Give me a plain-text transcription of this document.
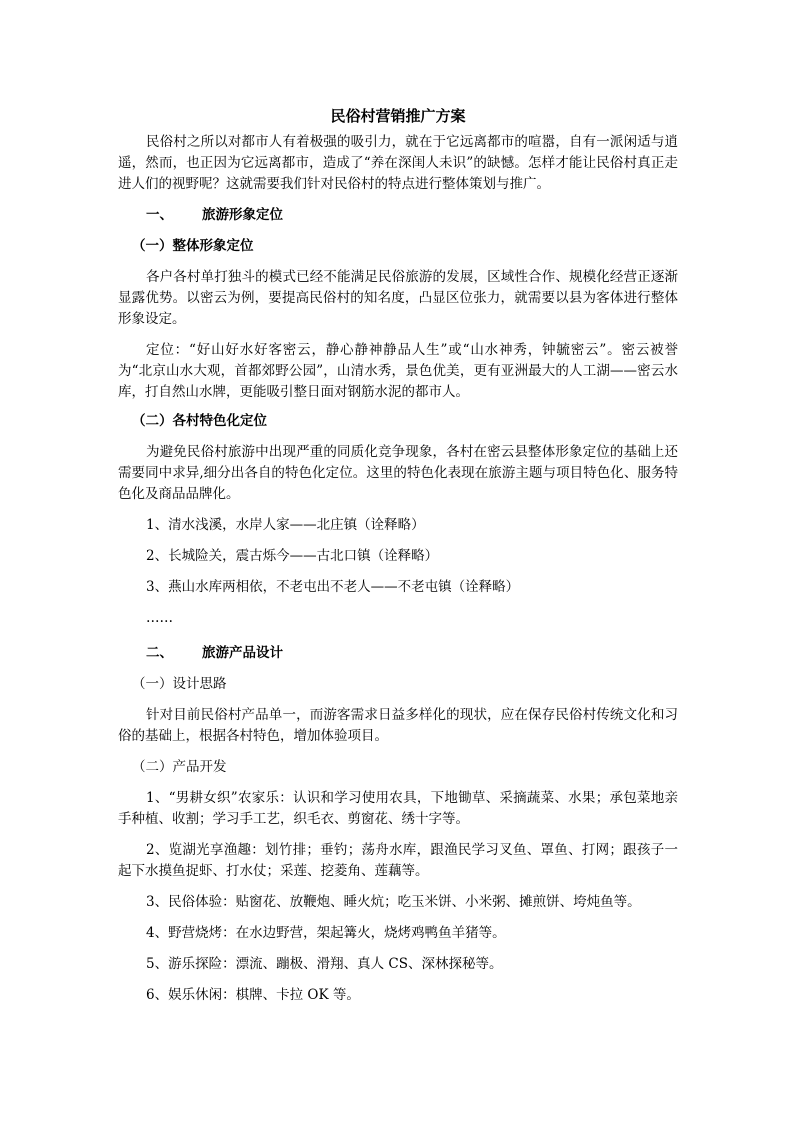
民俗村营销推广方案

民俗村之所以对都市人有着极强的吸引力，就在于它远离都市的喧嚣，自有一派闲适与逍遥，然而，也正因为它远离都市，造成了“养在深闺人未识”的缺憾。怎样才能让民俗村真正走进人们的视野呢？这就需要我们针对民俗村的特点进行整体策划与推广。

一、 旅游形象定位
（一）整体形象定位

各户各村单打独斗的模式已经不能满足民俗旅游的发展，区域性合作、规模化经营正逐渐显露优势。以密云为例，要提高民俗村的知名度，凸显区位张力，就需要以县为客体进行整体形象设定。

定位：“好山好水好客密云，静心静神静品人生”或“山水神秀，钟毓密云”。密云被誉为“北京山水大观，首都郊野公园”，山清水秀，景色优美，更有亚洲最大的人工湖——密云水库，打自然山水牌，更能吸引整日面对钢筋水泥的都市人。

（二）各村特色化定位

为避免民俗村旅游中出现严重的同质化竞争现象，各村在密云县整体形象定位的基础上还需要同中求异,细分出各自的特色化定位。这里的特色化表现在旅游主题与项目特色化、服务特色化及商品品牌化。

1、清水浅溪，水岸人家——北庄镇（诠释略）
2、长城险关，震古烁今——古北口镇（诠释略）
3、燕山水库两相依，不老屯出不老人——不老屯镇（诠释略）
……
二、 旅游产品设计
（一）设计思路

针对目前民俗村产品单一，而游客需求日益多样化的现状，应在保存民俗村传统文化和习俗的基础上，根据各村特色，增加体验项目。

（二）产品开发
1、“男耕女织”农家乐：认识和学习使用农具，下地锄草、采摘蔬菜、水果；承包菜地亲手种植、收割；学习手工艺，织毛衣、剪窗花、绣十字等。
2、览湖光享渔趣：划竹排；垂钓；荡舟水库，跟渔民学习叉鱼、罩鱼、打网；跟孩子一起下水摸鱼捉虾、打水仗；采莲、挖菱角、莲藕等。
3、民俗体验：贴窗花、放鞭炮、睡火炕；吃玉米饼、小米粥、摊煎饼、垮炖鱼等。
4、野营烧烤：在水边野营，架起篝火，烧烤鸡鸭鱼羊猪等。
5、游乐探险：漂流、蹦极、滑翔、真人 CS、深林探秘等。
6、娱乐休闲：棋牌、卡拉 OK 等。
